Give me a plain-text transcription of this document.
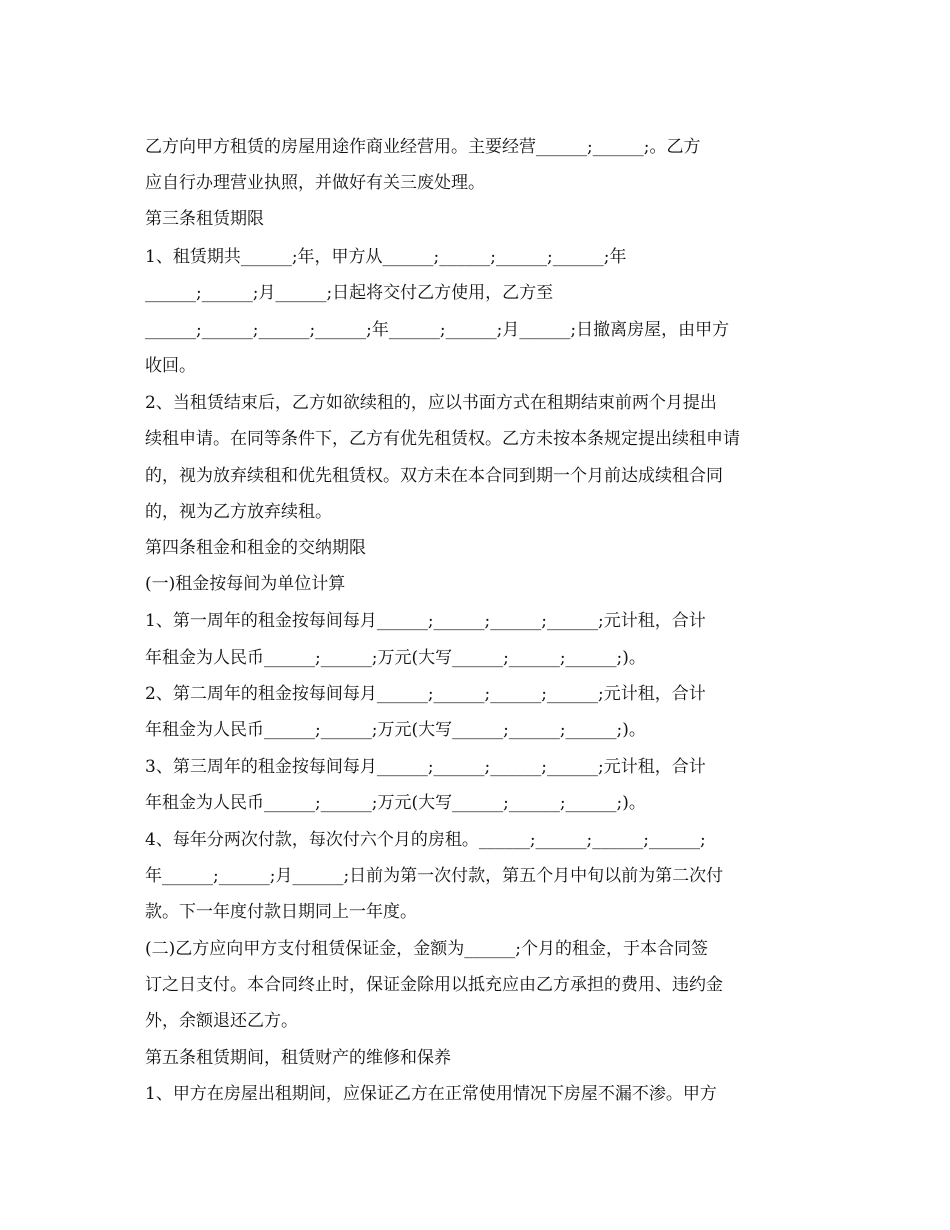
乙方向甲方租赁的房屋用途作商业经营用。主要经营______;______;。乙方
应自行办理营业执照，并做好有关三废处理。
第三条租赁期限
1、租赁期共______;年，甲方从______;______;______;______;年
______;______;月______;日起将交付乙方使用，乙方至
______;______;______;______;年______;______;月______;日撤离房屋，由甲方
收回。
2、当租赁结束后，乙方如欲续租的，应以书面方式在租期结束前两个月提出
续租申请。在同等条件下，乙方有优先租赁权。乙方未按本条规定提出续租申请
的，视为放弃续租和优先租赁权。双方未在本合同到期一个月前达成续租合同
的，视为乙方放弃续租。
第四条租金和租金的交纳期限
(一)租金按每间为单位计算
1、第一周年的租金按每间每月______;______;______;______;元计租，合计
年租金为人民币______;______;万元(大写______;______;______;)。
2、第二周年的租金按每间每月______;______;______;______;元计租，合计
年租金为人民币______;______;万元(大写______;______;______;)。
3、第三周年的租金按每间每月______;______;______;______;元计租，合计
年租金为人民币______;______;万元(大写______;______;______;)。
4、每年分两次付款，每次付六个月的房租。______;______;______;______;
年______;______;月______;日前为第一次付款，第五个月中旬以前为第二次付
款。下一年度付款日期同上一年度。
(二)乙方应向甲方支付租赁保证金，金额为______;个月的租金，于本合同签
订之日支付。本合同终止时，保证金除用以抵充应由乙方承担的费用、违约金
外，余额退还乙方。
第五条租赁期间，租赁财产的维修和保养
1、甲方在房屋出租期间，应保证乙方在正常使用情况下房屋不漏不渗。甲方
